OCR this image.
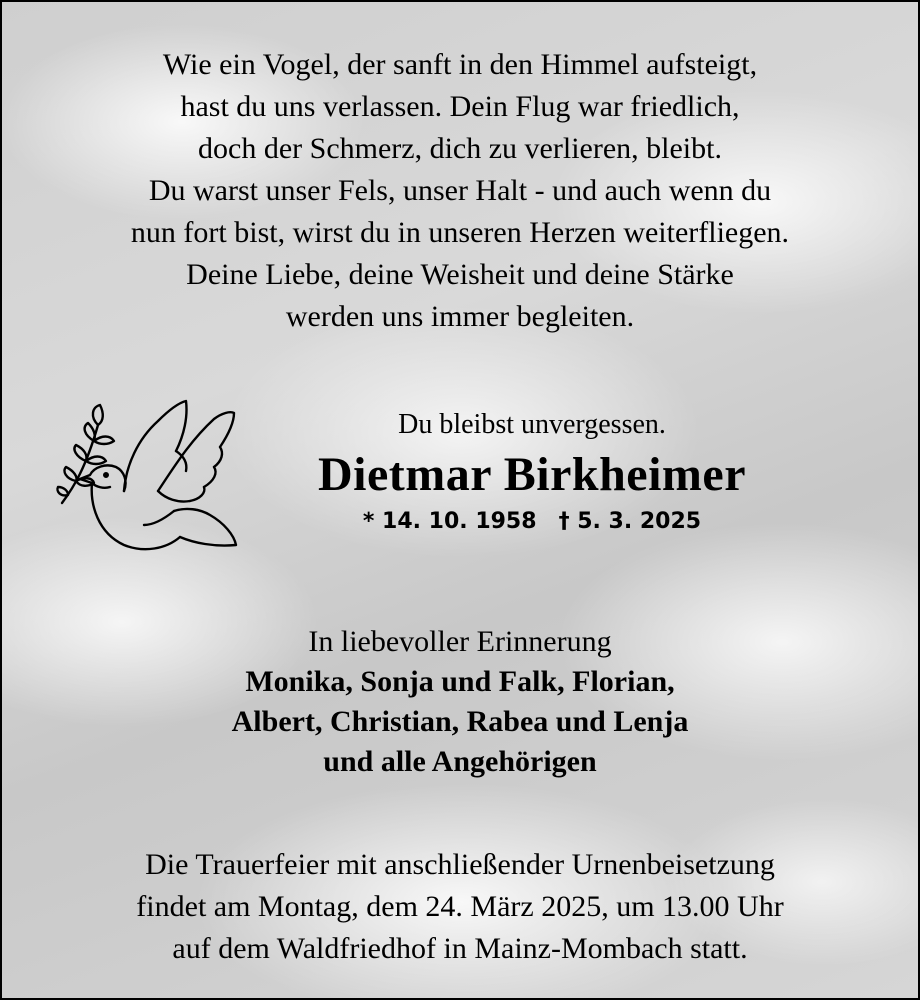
Wie ein Vogel, der sanft in den Himmel aufsteigt,
hast du uns verlassen. Dein Flug war friedlich,
doch der Schmerz, dich zu verlieren, bleibt.
Du warst unser Fels, unser Halt - und auch wenn du
nun fort bist, wirst du in unseren Herzen weiterfliegen.
Deine Liebe, deine Weisheit und deine Stärke
werden uns immer begleiten.
Du bleibst unvergessen.
Dietmar Birkheimer
* 14. 10. 1958 † 5. 3. 2025
In liebevoller Erinnerung
Monika, Sonja und Falk, Florian,
Albert, Christian, Rabea und Lenja
und alle Angehörigen
Die Trauerfeier mit anschließender Urnenbeisetzung
findet am Montag, dem 24. März 2025, um 13.00 Uhr
auf dem Waldfriedhof in Mainz-Mombach statt.
